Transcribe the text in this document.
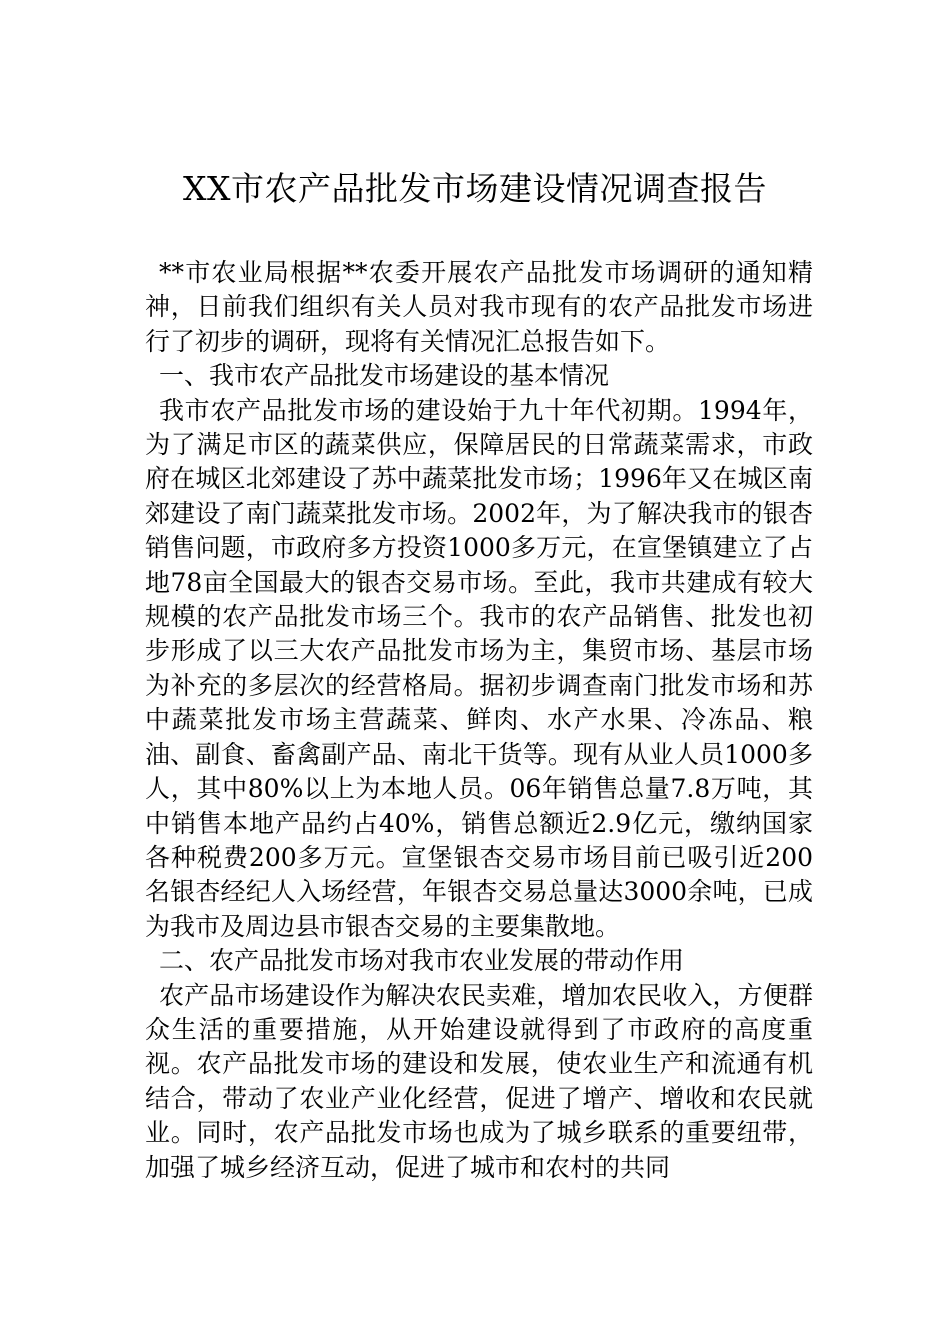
XX市农产品批发市场建设情况调查报告

**市农业局根据**农委开展农产品批发市场调研的通知精神，日前我们组织有关人员对我市现有的农产品批发市场进行了初步的调研，现将有关情况汇总报告如下。

一、我市农产品批发市场建设的基本情况

我市农产品批发市场的建设始于九十年代初期。1994年，为了满足市区的蔬菜供应，保障居民的日常蔬菜需求，市政府在城区北郊建设了苏中蔬菜批发市场；1996年又在城区南郊建设了南门蔬菜批发市场。2002年，为了解决我市的银杏销售问题，市政府多方投资1000多万元，在宣堡镇建立了占地78亩全国最大的银杏交易市场。至此，我市共建成有较大规模的农产品批发市场三个。我市的农产品销售、批发也初步形成了以三大农产品批发市场为主，集贸市场、基层市场为补充的多层次的经营格局。据初步调查南门批发市场和苏中蔬菜批发市场主营蔬菜、鲜肉、水产水果、冷冻品、粮油、副食、畜禽副产品、南北干货等。现有从业人员1000多人，其中80%以上为本地人员。06年销售总量7.8万吨，其中销售本地产品约占40%，销售总额近2.9亿元，缴纳国家各种税费200多万元。宣堡银杏交易市场目前已吸引近200名银杏经纪人入场经营，年银杏交易总量达3000余吨，已成为我市及周边县市银杏交易的主要集散地。

二、农产品批发市场对我市农业发展的带动作用

农产品市场建设作为解决农民卖难，增加农民收入，方便群众生活的重要措施，从开始建设就得到了市政府的高度重视。农产品批发市场的建设和发展，使农业生产和流通有机结合，带动了农业产业化经营，促进了增产、增收和农民就业。同时，农产品批发市场也成为了城乡联系的重要纽带，加强了城乡经济互动，促进了城市和农村的共同
